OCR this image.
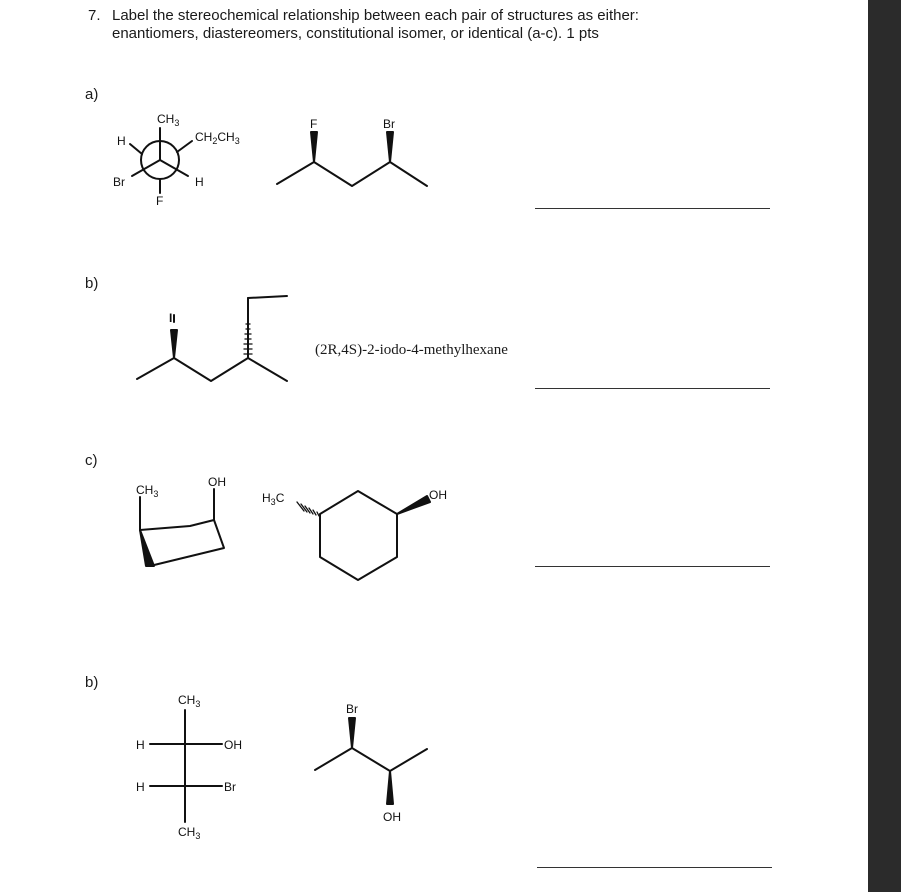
7. Label the stereochemical relationship between each pair of structures as either:
enantiomers, diastereomers, constitutional isomer, or identical (a-c). 1 pts
a)
b)
c)
b)
(2R,4S)-2-iodo-4-methylhexane
$CH_3$
H	$CH_2CH_3$
Br	H
F
F	Br
I
$CH_3$
OH
$H_3C$	OH
$CH_3$
H	OH
H	Br
$CH_3$
Br
OH
